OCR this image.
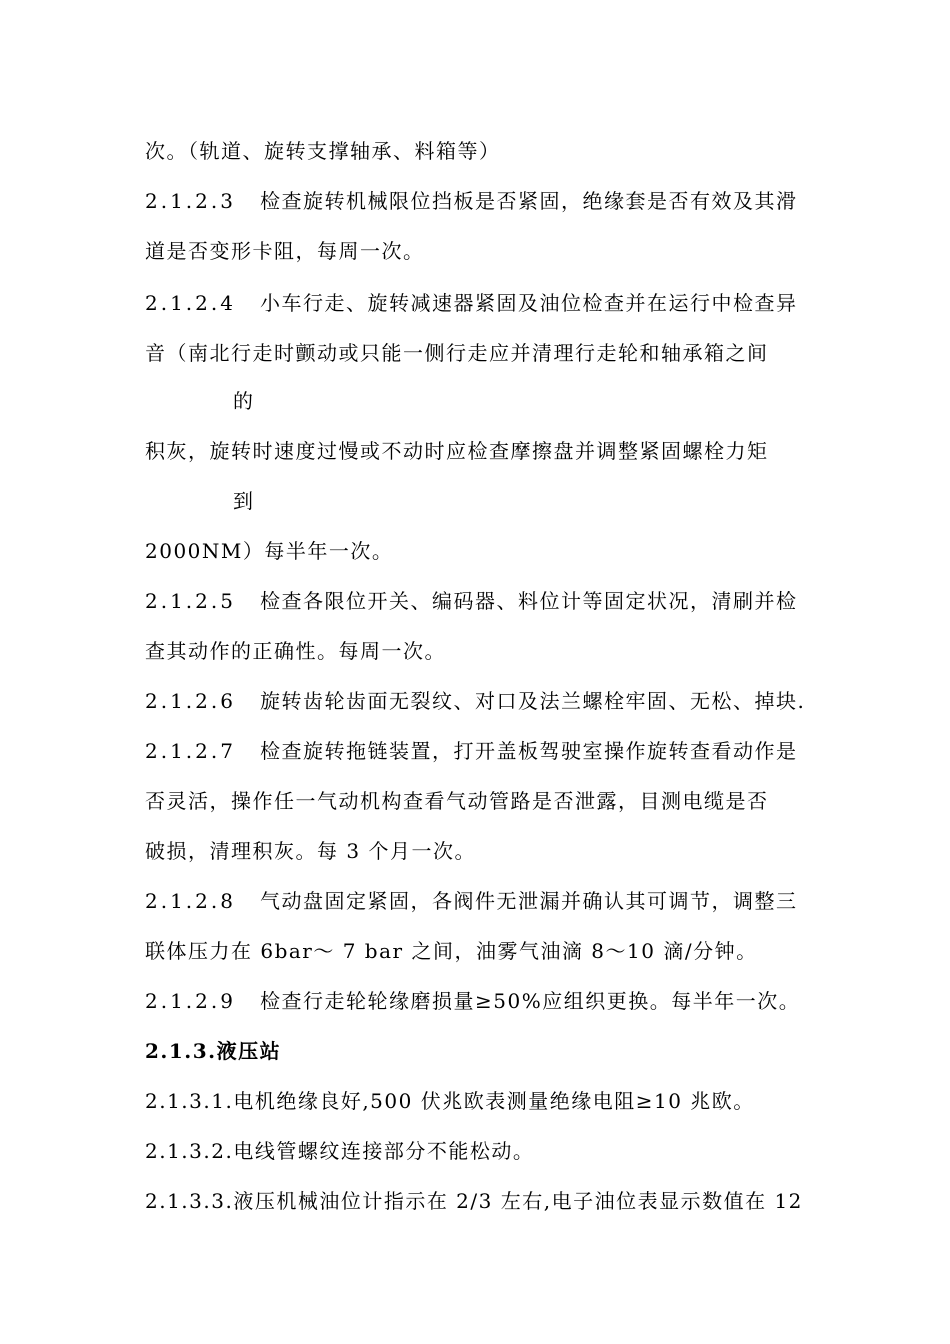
次。（轨道、旋转支撑轴承、料箱等）
2.1.2.3 检查旋转机械限位挡板是否紧固，绝缘套是否有效及其滑
道是否变形卡阻，每周一次。
2.1.2.4 小车行走、旋转减速器紧固及油位检查并在运行中检查异
音（南北行走时颤动或只能一侧行走应并清理行走轮和轴承箱之间
的
积灰，旋转时速度过慢或不动时应检查摩擦盘并调整紧固螺栓力矩
到
2000NM）每半年一次。
2.1.2.5 检查各限位开关、编码器、料位计等固定状况，清刷并检
查其动作的正确性。每周一次。
2.1.2.6 旋转齿轮齿面无裂纹、对口及法兰螺栓牢固、无松、掉块.
2.1.2.7 检查旋转拖链装置，打开盖板驾驶室操作旋转查看动作是
否灵活，操作任一气动机构查看气动管路是否泄露，目测电缆是否
破损，清理积灰。每 3 个月一次。
2.1.2.8 气动盘固定紧固，各阀件无泄漏并确认其可调节，调整三
联体压力在 6bar～ 7 bar 之间，油雾气油滴 8～10 滴/分钟。
2.1.2.9 检查行走轮轮缘磨损量≥50%应组织更换。每半年一次。
2.1.3.液压站
2.1.3.1.电机绝缘良好,500 伏兆欧表测量绝缘电阻≥10 兆欧。
2.1.3.2.电线管螺纹连接部分不能松动。
2.1.3.3.液压机械油位计指示在 2/3 左右,电子油位表显示数值在 12
